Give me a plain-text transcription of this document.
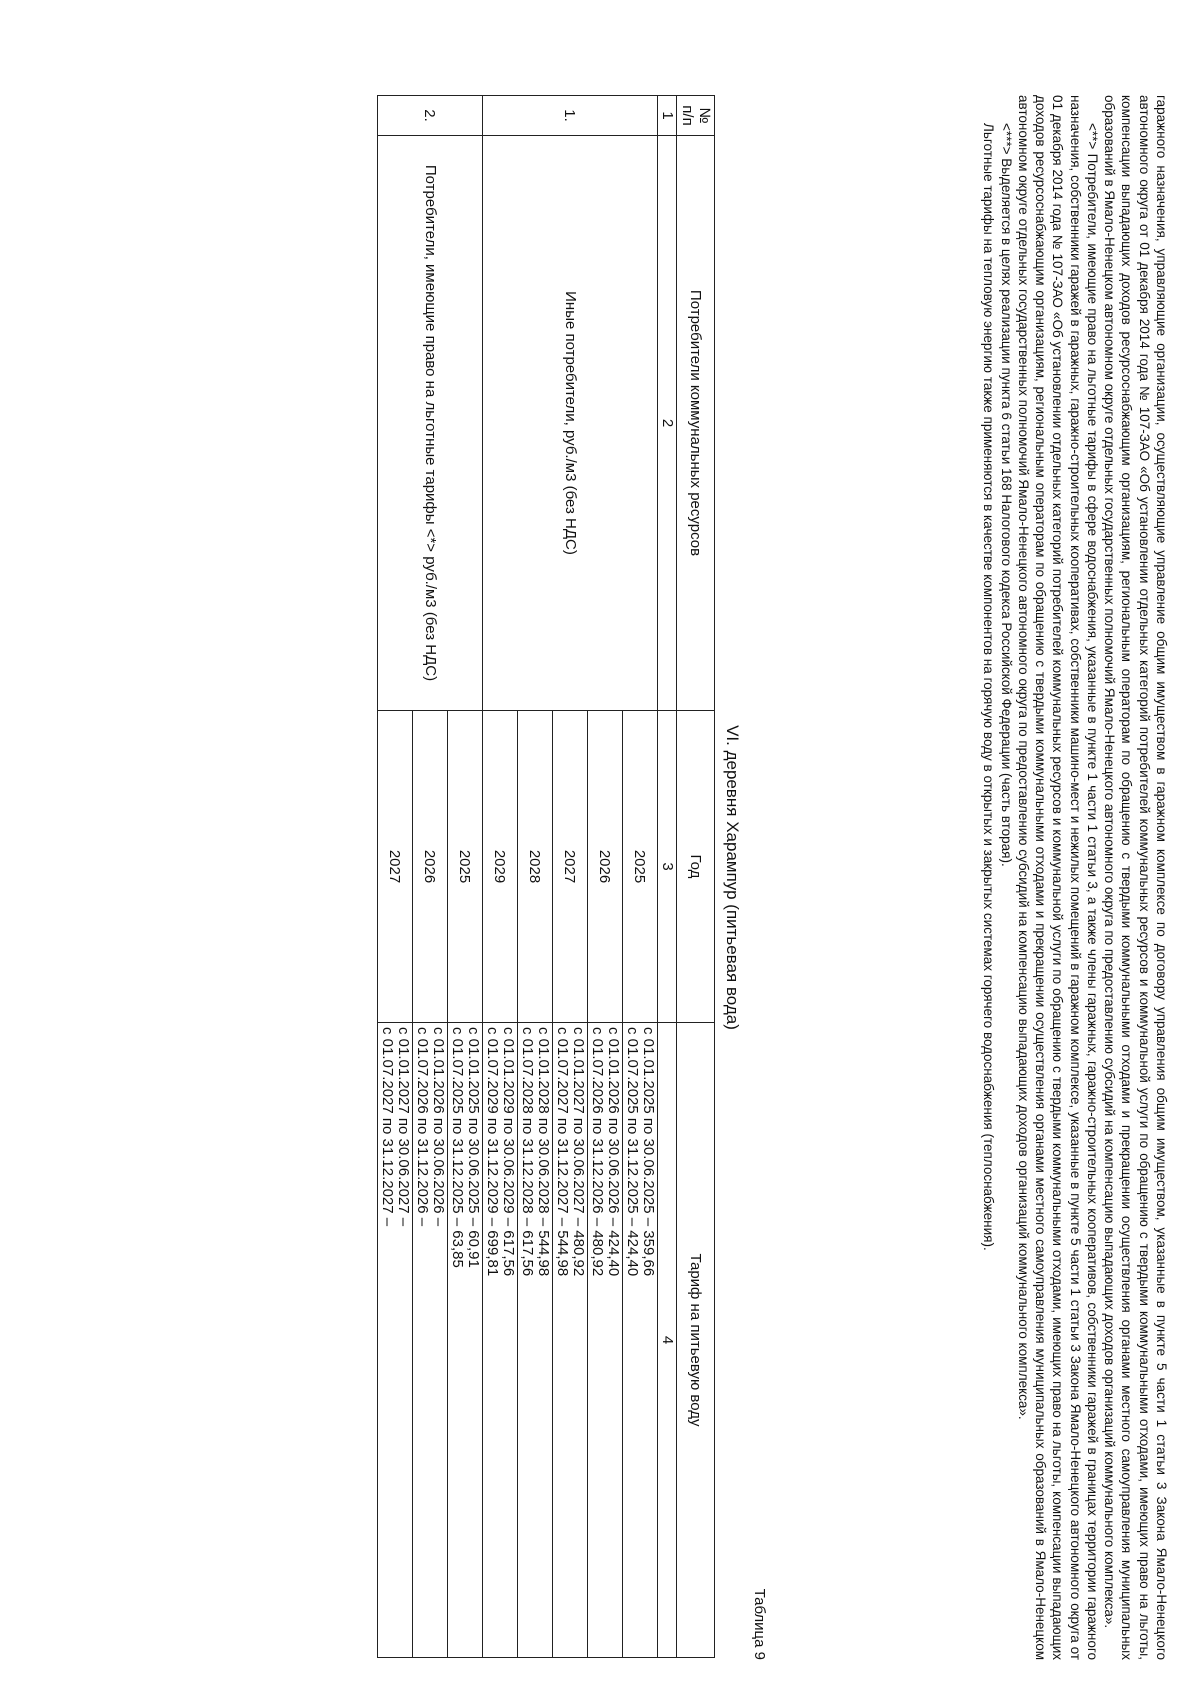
гаражного назначения, управляющие организации, осуществляющие управление общим имуществом в гаражном комплексе по договору управления общим имуществом, указанные в пункте 5 части 1 статьи 3 Закона Ямало-Ненецкого автономного округа от 01 декабря 2014 года № 107-ЗАО «Об установлении отдельных категорий потребителей коммунальных ресурсов и коммунальной услуги по обращению с твердыми коммунальными отходами, имеющих право на льготы, компенсации выпадающих доходов ресурсоснабжающим организациям, региональным операторам по обращению с твердыми коммунальными отходами и прекращении осуществления органами местного самоуправления муниципальных образований в Ямало-Ненецком автономном округе отдельных государственных полномочий Ямало-Ненецкого автономного округа по предоставлению субсидий на компенсацию выпадающих доходов организаций коммунального комплекса».

<**> Потребители, имеющие право на льготные тарифы в сфере водоснабжения, указанные в пункте 1 части 1 статьи 3, а также члены гаражных, гаражно-строительных кооперативов, собственники гаражей в границах территории гаражного назначения, собственники гаражей в гаражных, гаражно-строительных кооперативах, собственники машино-мест и нежилых помещений в гаражном комплексе, указанные в пункте 5 части 1 статьи 3 Закона Ямало-Ненецкого автономного округа от 01 декабря 2014 года № 107-ЗАО «Об установлении отдельных категорий потребителей коммунальных ресурсов и коммунальной услуги по обращению с твердыми коммунальными отходами, имеющих право на льготы, компенсации выпадающих доходов ресурсоснабжающим организациям, региональным операторам по обращению с твердыми коммунальными отходами и прекращении осуществления органами местного самоуправления муниципальных образований в Ямало-Ненецком автономном округе отдельных государственных полномочий Ямало-Ненецкого автономного округа по предоставлению субсидий на компенсацию выпадающих доходов организаций коммунального комплекса».

<***> Выделяется в целях реализации пункта 6 статьи 168 Налогового кодекса Российской Федерации (часть вторая).

Льготные тарифы на тепловую энергию также применяются в качестве компонентов на горячую воду в открытых и закрытых системах горячего водоснабжения (теплоснабжения).

Таблица 9
VI. деревня Харампур (питьевая вода)
№ п/п	Потребители коммунальных ресурсов	Год	Тариф на питьевую воду
1	2	3	4
1.	Иные потребители, руб./м3 (без НДС)	2025	с 01.01.2025 по 30.06.2025 – 359,66
с 01.07.2025 по 31.12.2025 – 424,40

		2026	с 01.01.2026 по 30.06.2026 – 424,40
с 01.07.2026 по 31.12.2026 – 480,92

		2027	с 01.01.2027 по 30.06.2027 – 480,92
с 01.07.2027 по 31.12.2027 – 544,98

		2028	с 01.01.2028 по 30.06.2028 – 544,98
с 01.07.2028 по 31.12.2028 – 617,56

		2029	с 01.01.2029 по 30.06.2029 – 617,56
с 01.07.2029 по 31.12.2029 – 699,81

2.	Потребители, имеющие право на льготные тарифы <*> руб./м3 (без НДС)	2025	с 01.01.2025 по 30.06.2025 – 60,91
с 01.07.2025 по 31.12.2025 – 63,85

		2026	с 01.01.2026 по 30.06.2026 –
с 01.07.2026 по 31.12.2026 –

		2027	с 01.01.2027 по 30.06.2027 –
с 01.07.2027 по 31.12.2027 –
